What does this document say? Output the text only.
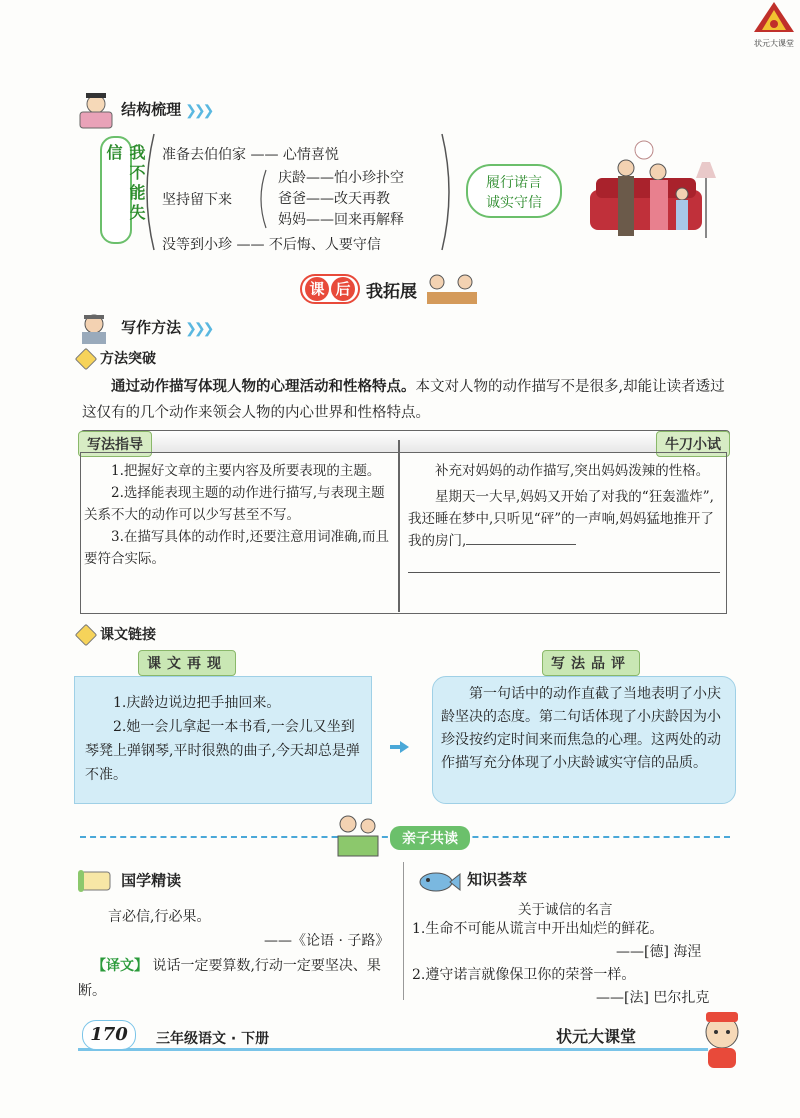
状元大课堂
结构梳理 ❯❯❯
我不能失信	准备去伯伯家 —— 心情喜悦
坚持留下来
庆龄——怕小珍扑空
爸爸——改天再教
妈妈——回来再解释
没等到小珍 —— 不后悔、人要守信
履行诺言
诚实守信
课 后 我拓展
写作方法 ❯❯❯
方法突破
通过动作描写体现人物的心理活动和性格特点。本文对人物的动作描写不是很多,却能让读者透过这仅有的几个动作来领会人物的内心世界和性格特点。
写法指导	牛刀小试
1.把握好文章的主要内容及所要表现的主题。
2.选择能表现主题的动作进行描写,与表现主题关系不大的动作可以少写甚至不写。
3.在描写具体的动作时,还要注意用词准确,而且要符合实际。
补充对妈妈的动作描写,突出妈妈泼辣的性格。
星期天一大早,妈妈又开始了对我的“狂轰滥炸”,我还睡在梦中,只听见“砰”的一声响,妈妈猛地推开了我的房门,
课文链接
课文再现	写法品评
1.庆龄边说边把手抽回来。
2.她一会儿拿起一本书看,一会儿又坐到琴凳上弹钢琴,平时很熟的曲子,今天却总是弹不准。
第一句话中的动作直截了当地表明了小庆龄坚决的态度。第二句话体现了小庆龄因为小珍没按约定时间来而焦急的心理。这两处的动作描写充分体现了小庆龄诚实守信的品质。
亲子共读
国学精读
言必信,行必果。
——《论语 · 子路》
【译文】 说话一定要算数,行动一定要坚决、果断。
知识荟萃
关于诚信的名言
1.生命不可能从谎言中开出灿烂的鲜花。
——[德] 海涅
2.遵守诺言就像保卫你的荣誉一样。
——[法] 巴尔扎克
170	三年级语文 · 下册	状元大课堂
